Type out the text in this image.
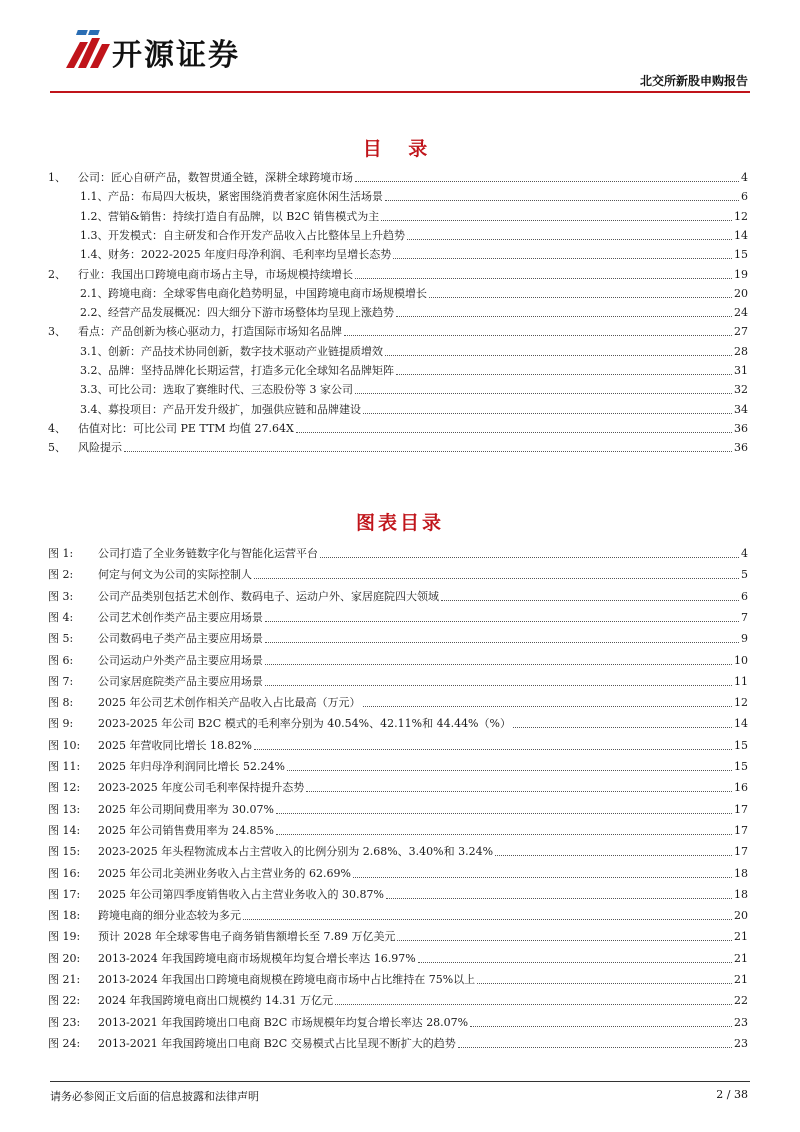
开源证券
北交所新股申购报告
目 录
1、	公司：匠心自研产品，数智贯通全链，深耕全球跨境市场	4
1.1、 产品：布局四大板块，紧密围绕消费者家庭休闲生活场景	6
1.2、 营销&销售：持续打造自有品牌，以 B2C 销售模式为主	12
1.3、 开发模式：自主研发和合作开发产品收入占比整体呈上升趋势	14
1.4、 财务：2022-2025 年度归母净利润、毛利率均呈增长态势	15
2、	行业：我国出口跨境电商市场占主导，市场规模持续增长	19
2.1、 跨境电商：全球零售电商化趋势明显，中国跨境电商市场规模增长	20
2.2、 经营产品发展概况：四大细分下游市场整体均呈现上涨趋势	24
3、	看点：产品创新为核心驱动力，打造国际市场知名品牌	27
3.1、 创新：产品技术协同创新，数字技术驱动产业链提质增效	28
3.2、 品牌：坚持品牌化长期运营，打造多元化全球知名品牌矩阵	31
3.3、 可比公司：选取了赛维时代、三态股份等 3 家公司	32
3.4、 募投项目：产品开发升级扩，加强供应链和品牌建设	34
4、	估值对比：可比公司 PE TTM 均值 27.64X	36
5、	风险提示	36
图表目录
图 1:	公司打造了全业务链数字化与智能化运营平台	4
图 2:	何定与何文为公司的实际控制人	5
图 3:	公司产品类别包括艺术创作、数码电子、运动户外、家居庭院四大领域	6
图 4:	公司艺术创作类产品主要应用场景	7
图 5:	公司数码电子类产品主要应用场景	9
图 6:	公司运动户外类产品主要应用场景	10
图 7:	公司家居庭院类产品主要应用场景	11
图 8:	2025 年公司艺术创作相关产品收入占比最高（万元）	12
图 9:	2023-2025 年公司 B2C 模式的毛利率分别为 40.54%、42.11%和 44.44%（%）	14
图 10:	2025 年营收同比增长 18.82%	15
图 11:	2025 年归母净利润同比增长 52.24%	15
图 12:	2023-2025 年度公司毛利率保持提升态势	16
图 13:	2025 年公司期间费用率为 30.07%	17
图 14:	2025 年公司销售费用率为 24.85%	17
图 15:	2023-2025 年头程物流成本占主营收入的比例分别为 2.68%、3.40%和 3.24%	17
图 16:	2025 年公司北美洲业务收入占主营业务的 62.69%	18
图 17:	2025 年公司第四季度销售收入占主营业务收入的 30.87%	18
图 18:	跨境电商的细分业态较为多元	20
图 19:	预计 2028 年全球零售电子商务销售额增长至 7.89 万亿美元	21
图 20:	2013-2024 年我国跨境电商市场规模年均复合增长率达 16.97%	21
图 21:	2013-2024 年我国出口跨境电商规模在跨境电商市场中占比维持在 75%以上	21
图 22:	2024 年我国跨境电商出口规模约 14.31 万亿元	22
图 23:	2013-2021 年我国跨境出口电商 B2C 市场规模年均复合增长率达 28.07%	23
图 24:	2013-2021 年我国跨境出口电商 B2C 交易模式占比呈现不断扩大的趋势	23
请务必参阅正文后面的信息披露和法律声明	2 / 38
